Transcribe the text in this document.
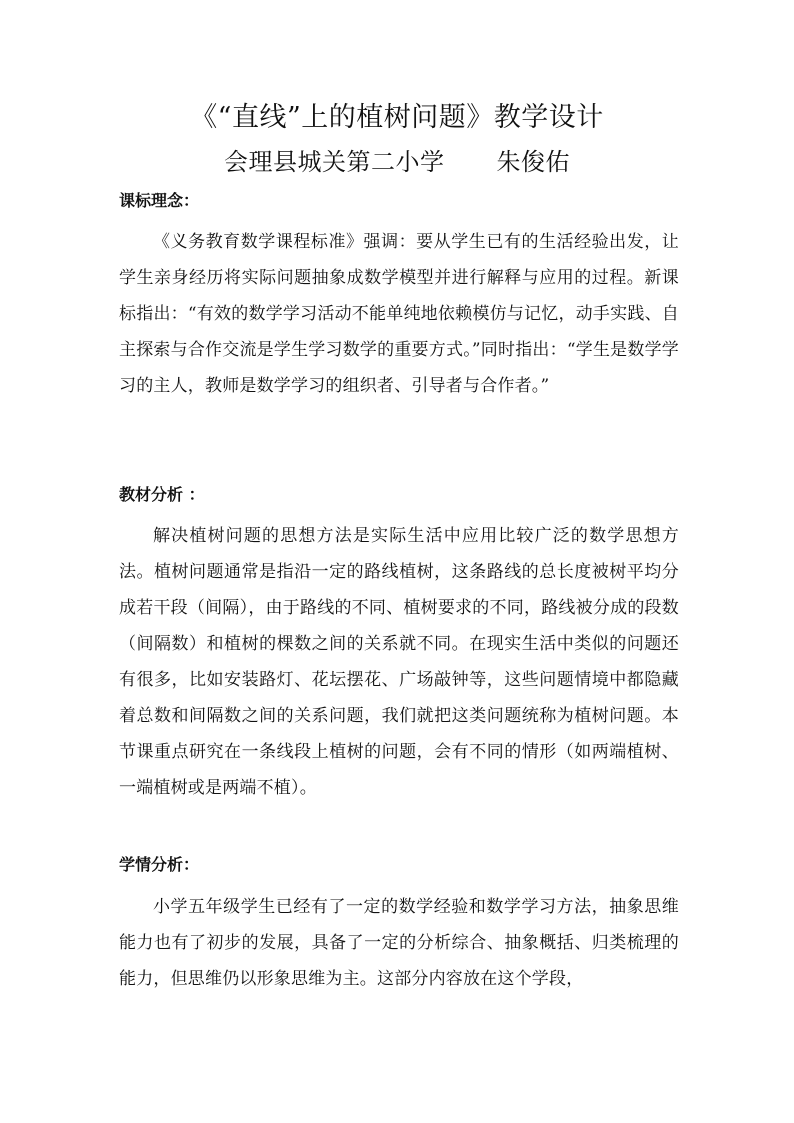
《“直线”上的植树问题》教学设计
会理县城关第二小学 朱俊佑
课标理念：
《义务教育数学课程标准》强调：要从学生已有的生活经验出发，让学生亲身经历将实际问题抽象成数学模型并进行解释与应用的过程。新课标指出：“有效的数学学习活动不能单纯地依赖模仿与记忆，动手实践、自主探索与合作交流是学生学习数学的重要方式。”同时指出：“学生是数学学习的主人，教师是数学学习的组织者、引导者与合作者。”
教材分析 ：
解决植树问题的思想方法是实际生活中应用比较广泛的数学思想方法。植树问题通常是指沿一定的路线植树，这条路线的总长度被树平均分成若干段（间隔），由于路线的不同、植树要求的不同，路线被分成的段数（间隔数）和植树的棵数之间的关系就不同。在现实生活中类似的问题还有很多，比如安装路灯、花坛摆花、广场敲钟等，这些问题情境中都隐藏着总数和间隔数之间的关系问题，我们就把这类问题统称为植树问题。本节课重点研究在一条线段上植树的问题，会有不同的情形（如两端植树、一端植树或是两端不植）。
学情分析：
小学五年级学生已经有了一定的数学经验和数学学习方法，抽象思维能力也有了初步的发展，具备了一定的分析综合、抽象概括、归类梳理的能力，但思维仍以形象思维为主。这部分内容放在这个学段，
